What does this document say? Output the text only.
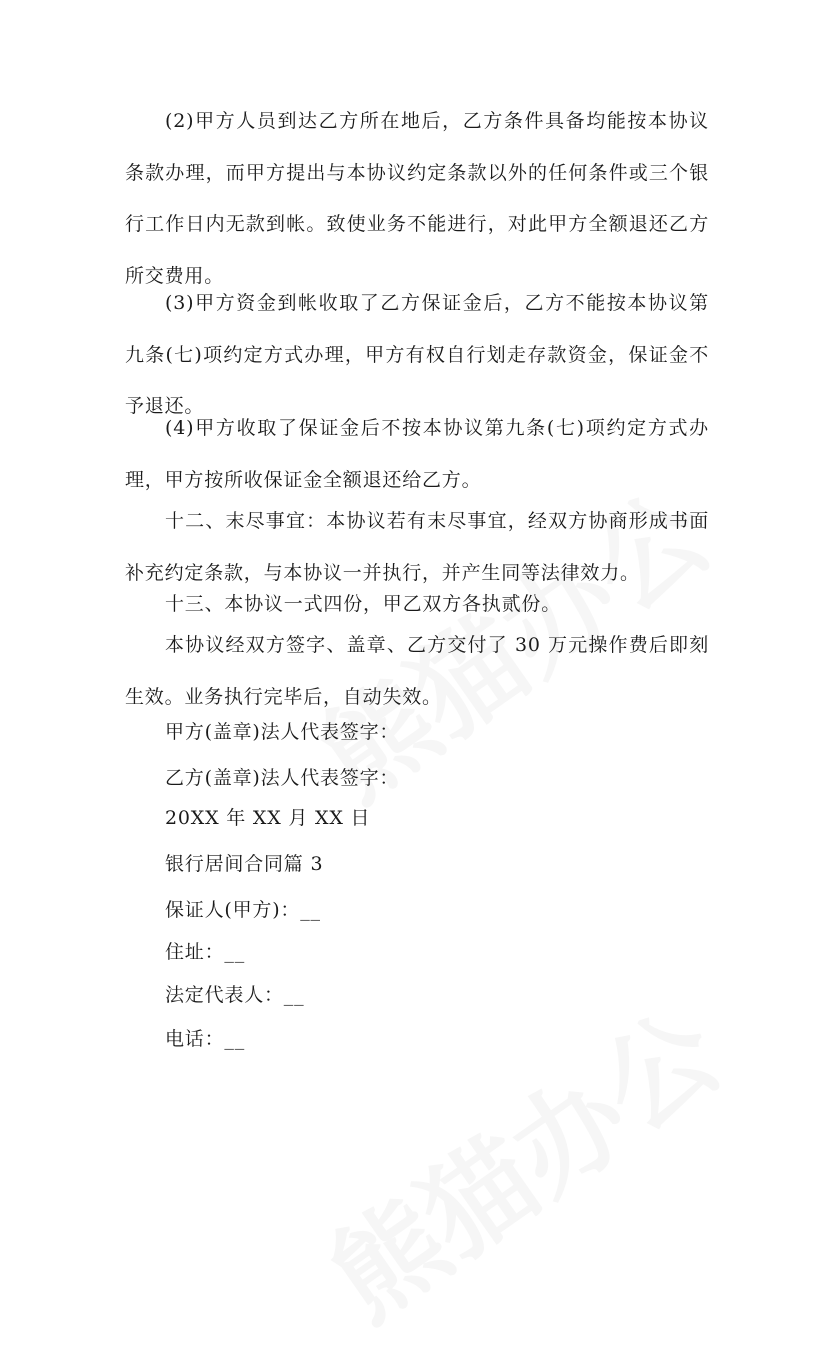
(2)甲方人员到达乙方所在地后，乙方条件具备均能按本协议条款办理，而甲方提出与本协议约定条款以外的任何条件或三个银行工作日内无款到帐。致使业务不能进行，对此甲方全额退还乙方所交费用。

(3)甲方资金到帐收取了乙方保证金后，乙方不能按本协议第九条(七)项约定方式办理，甲方有权自行划走存款资金，保证金不予退还。

(4)甲方收取了保证金后不按本协议第九条(七)项约定方式办理，甲方按所收保证金全额退还给乙方。

十二、末尽事宜：本协议若有末尽事宜，经双方协商形成书面补充约定条款，与本协议一并执行，并产生同等法律效力。

十三、本协议一式四份，甲乙双方各执贰份。

本协议经双方签字、盖章、乙方交付了 30 万元操作费后即刻生效。业务执行完毕后，自动失效。

甲方(盖章)法人代表签字：

乙方(盖章)法人代表签字：

20XX 年 XX 月 XX 日

银行居间合同篇 3

保证人(甲方)：__

住址：__

法定代表人：__

电话：__
